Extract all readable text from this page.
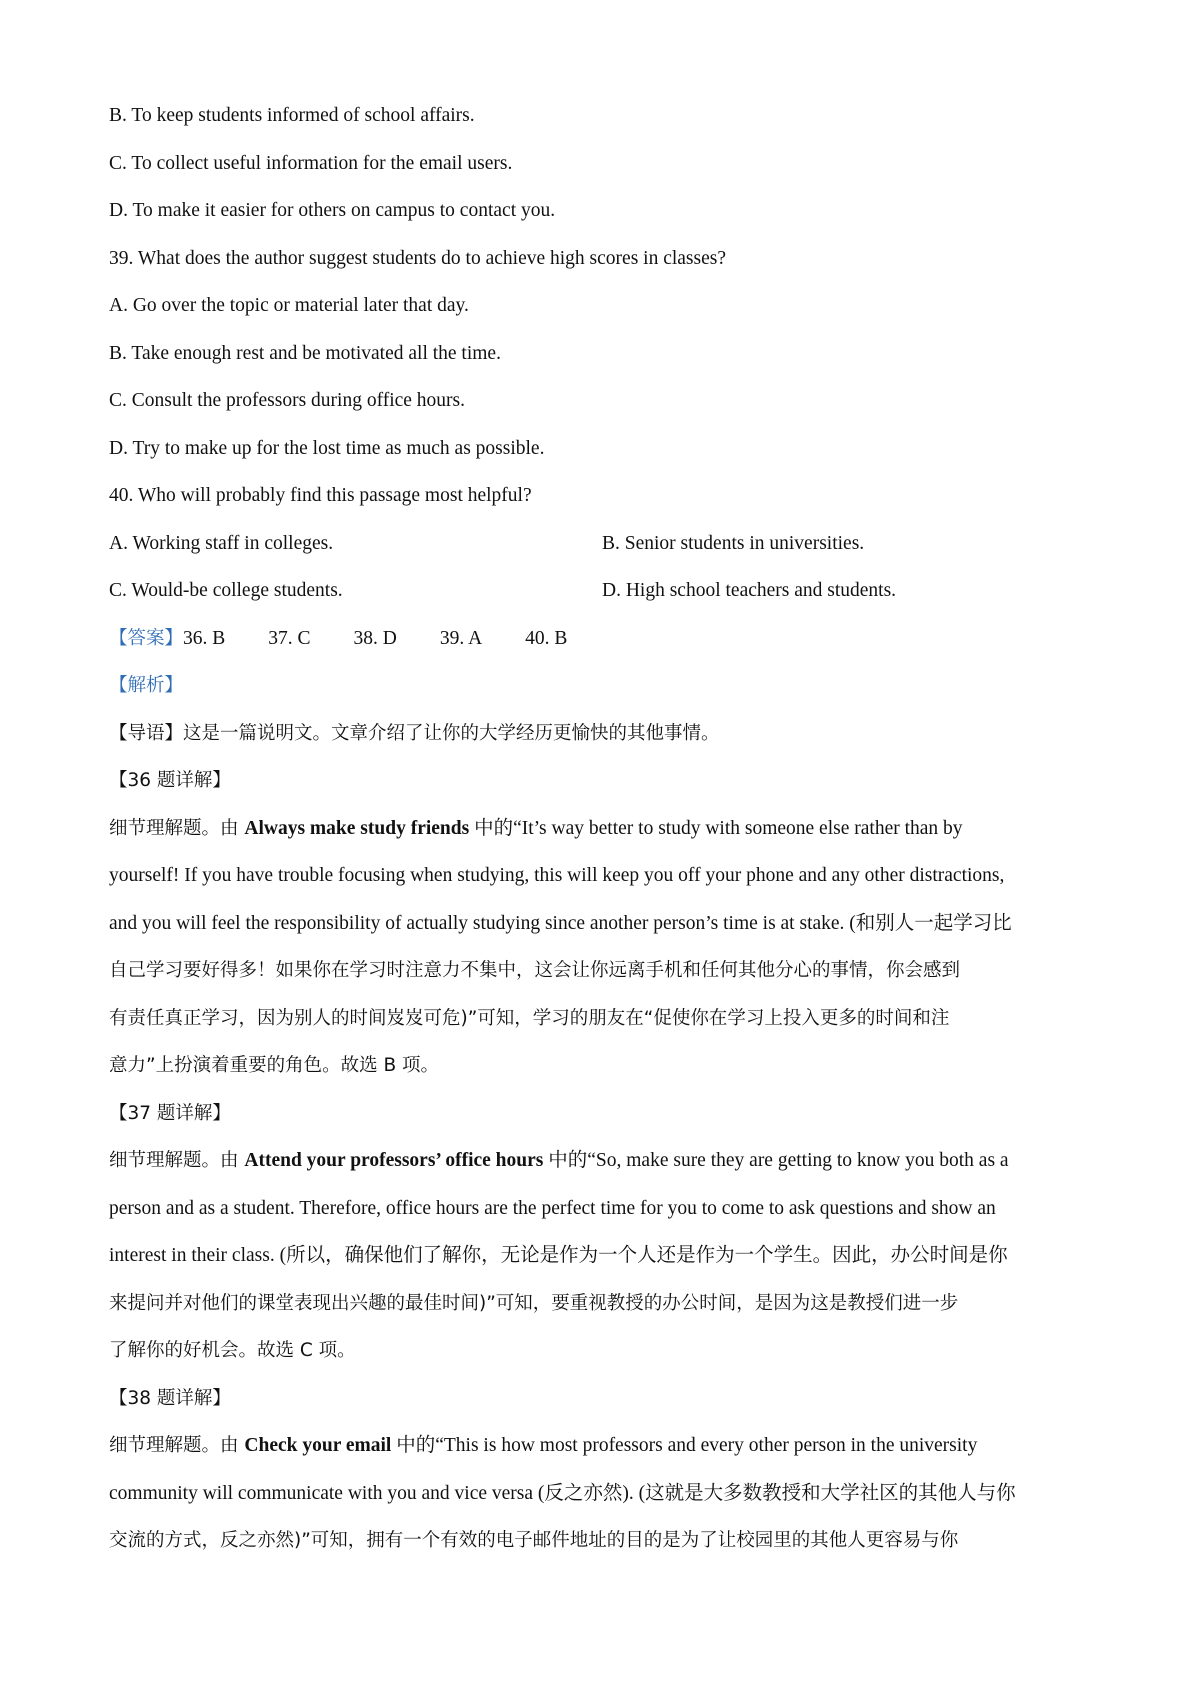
B. To keep students informed of school affairs.
C. To collect useful information for the email users.
D. To make it easier for others on campus to contact you.
39. What does the author suggest students do to achieve high scores in classes?
A. Go over the topic or material later that day.
B. Take enough rest and be motivated all the time.
C. Consult the professors during office hours.
D. Try to make up for the lost time as much as possible.
40. Who will probably find this passage most helpful?
A. Working staff in colleges.	B. Senior students in universities.
C. Would-be college students.	D. High school teachers and students.
【答案】36. B 37. C 38. D 39. A 40. B
【解析】
【导语】这是一篇说明文。文章介绍了让你的大学经历更愉快的其他事情。
【36 题详解】
细节理解题。由 Always make study friends 中的“It’s way better to study with someone else rather than by
yourself! If you have trouble focusing when studying, this will keep you off your phone and any other distractions,
and you will feel the responsibility of actually studying since another person’s time is at stake. (和别人一起学习比
自己学习要好得多！如果你在学习时注意力不集中，这会让你远离手机和任何其他分心的事情，你会感到
有责任真正学习，因为别人的时间岌岌可危)”可知，学习的朋友在“促使你在学习上投入更多的时间和注
意力”上扮演着重要的角色。故选 B 项。
【37 题详解】
细节理解题。由 Attend your professors’ office hours 中的“So, make sure they are getting to know you both as a
person and as a student. Therefore, office hours are the perfect time for you to come to ask questions and show an
interest in their class. (所以，确保他们了解你，无论是作为一个人还是作为一个学生。因此，办公时间是你
来提问并对他们的课堂表现出兴趣的最佳时间)”可知，要重视教授的办公时间，是因为这是教授们进一步
了解你的好机会。故选 C 项。
【38 题详解】
细节理解题。由 Check your email 中的“This is how most professors and every other person in the university
community will communicate with you and vice versa (反之亦然). (这就是大多数教授和大学社区的其他人与你
交流的方式，反之亦然)”可知，拥有一个有效的电子邮件地址的目的是为了让校园里的其他人更容易与你
